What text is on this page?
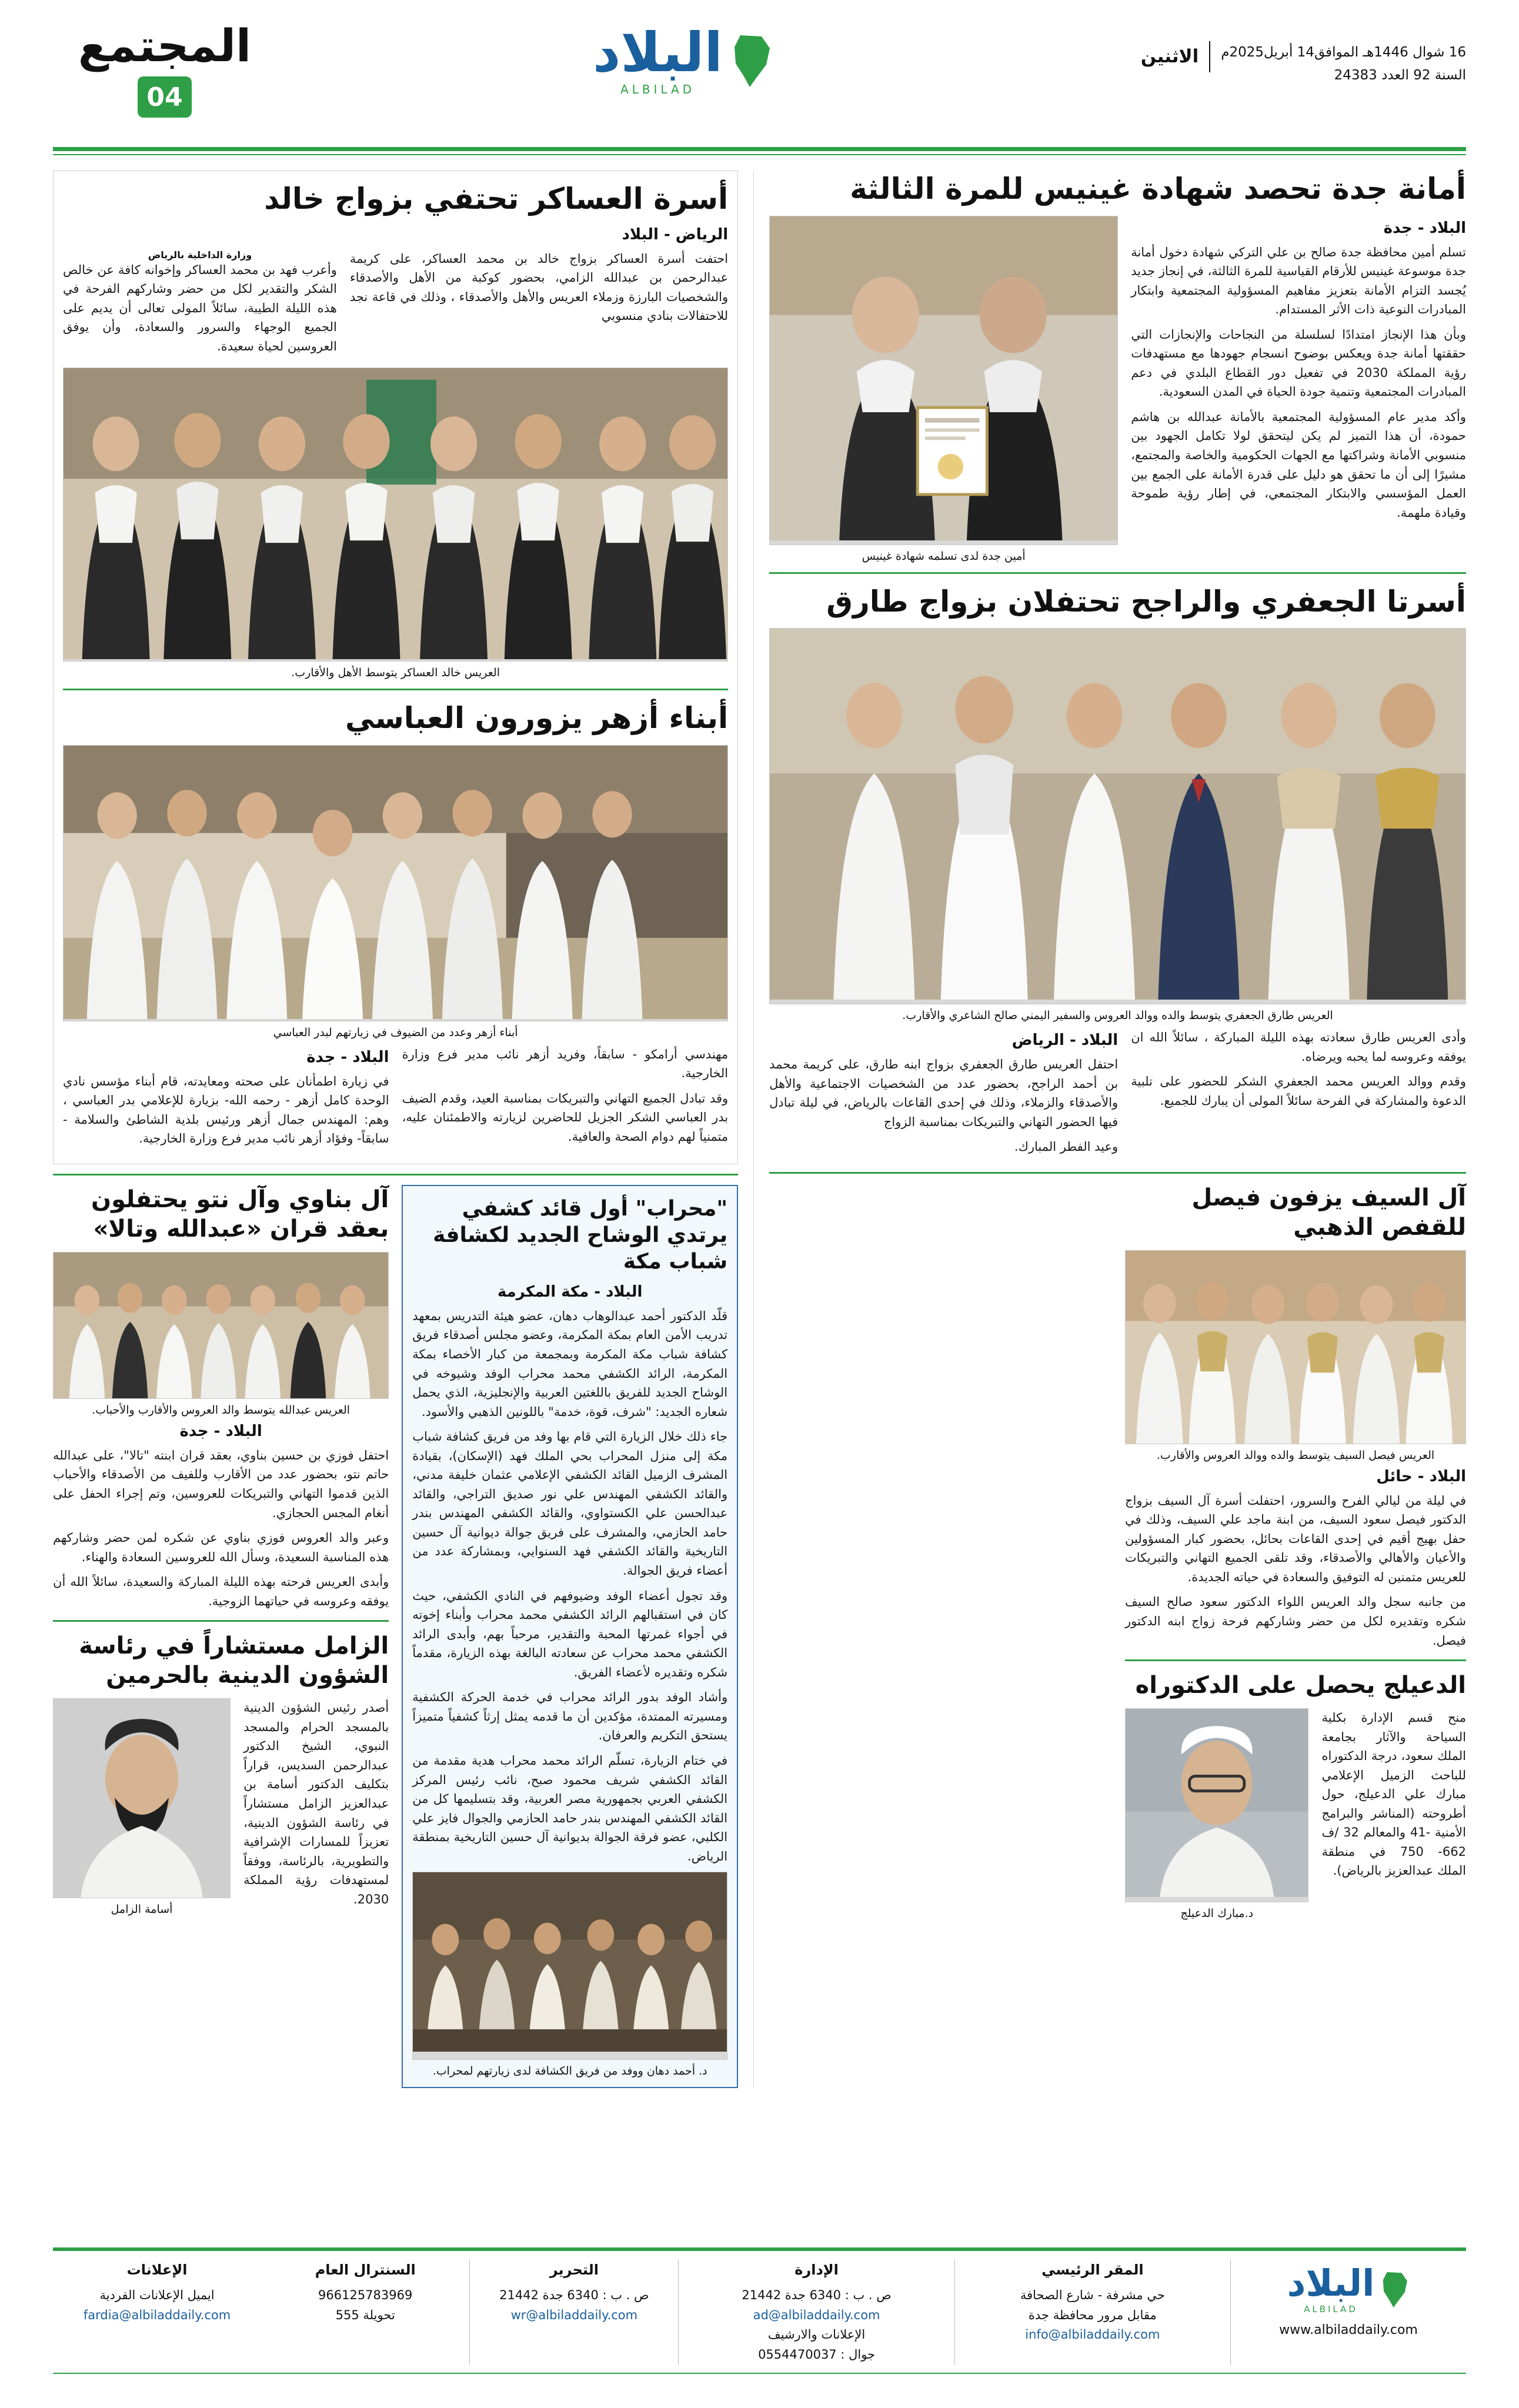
16 شوال 1446هـ الموافق14 أبريل2025م
السنة 92 العدد 24383
الاثنين
البلاد
ALBILAD
المجتمع
04
أمانة جدة تحصد شهادة غينيس للمرة الثالثة
البلاد - جدة

تسلم أمين محافظة جدة صالح بن علي التركي شهادة دخول أمانة جدة موسوعة غينيس للأرقام القياسية للمرة الثالثة، في إنجاز جديد يُجسد التزام الأمانة بتعزيز مفاهيم المسؤولية المجتمعية وابتكار المبادرات النوعية ذات الأثر المستدام.

وبأن هذا الإنجاز امتدادًا لسلسلة من النجاحات والإنجازات التي حققتها أمانة جدة ويعكس بوضوح انسجام جهودها مع مستهدفات رؤية المملكة 2030 في تفعيل دور القطاع البلدي في دعم المبادرات المجتمعية وتنمية جودة الحياة في المدن السعودية.

وأكد مدير عام المسؤولية المجتمعية بالأمانة عبدالله بن هاشم حمودة، أن هذا التميز لم يكن ليتحقق لولا تكامل الجهود بين منسوبي الأمانة وشراكتها مع الجهات الحكومية والخاصة والمجتمع، مشيرًا إلى أن ما تحقق هو دليل على قدرة الأمانة على الجمع بين العمل المؤسسي والابتكار المجتمعي، في إطار رؤية طموحة وقيادة ملهمة.

أمين جدة لدى تسلمه شهادة غينيس
أسرتا الجعفري والراجح تحتفلان بزواج طارق
العريس طارق الجعفري يتوسط والده ووالد العروس والسفير اليمني صالح الشاعري والأقارب.

وأدى العريس طارق سعادته بهذه الليلة المباركة ، سائلاً الله ان يوفقه وعروسه لما يحبه ويرضاه.

وقدم ووالد العريس محمد الجعفري الشكر للحضور على تلبية الدعوة والمشاركة في الفرحة سائلاً المولى أن يبارك للجميع.

البلاد - الرياض

احتفل العريس طارق الجعفري بزواج ابنه طارق، على كريمة محمد بن أحمد الراجح، بحضور عدد من الشخصيات الاجتماعية والأهل والأصدقاء والزملاء، وذلك في إحدى القاعات بالرياض، في ليلة تبادل فيها الحضور التهاني والتبريكات بمناسبة الزواج

وعيد الفطر المبارك.

آل السيف يزفون فيصل للقفص الذهبي
العريس فيصل السيف يتوسط والده ووالد العروس والأقارب.
البلاد - حائل

في ليلة من ليالي الفرح والسرور، احتفلت أسرة آل السيف بزواج الدكتور فيصل سعود السيف، من ابنة ماجد علي السيف، وذلك في حفل بهيج أقيم في إحدى القاعات بحائل، بحضور كبار المسؤولين والأعيان والأهالي والأصدقاء، وقد تلقى الجميع التهاني والتبريكات للعريس متمنين له التوفيق والسعادة في حياته الجديدة.

من جانبه سجل والد العريس اللواء الدكتور سعود صالح السيف شكره وتقديره لكل من حضر وشاركهم فرحة زواج ابنه الدكتور فيصل.

الدعيلج يحصل على الدكتوراه

منح قسم الإدارة بكلية السياحة والآثار بجامعة الملك سعود، درجة الدكتوراه للباحث الزميل الإعلامي مبارك علي الدعيلج، حول أطروحته (المناشر والبرامج الأمنية -41 والمعالم 32 /ف 662- 750 في منطقة الملك عبدالعزيز بالرياض).

د.مبارك الدعيلج
أسرة العساكر تحتفي بزواج خالد
الرياض - البلاد

احتفت أسرة العساكر بزواج خالد بن محمد العساكر، على كريمة عبدالرحمن بن عبدالله الزامي، بحضور كوكبة من الأهل والأصدقاء والشخصيات البارزة وزملاء العريس والأهل والأصدقاء ، وذلك في قاعة نجد للاحتفالات بنادي منسوبي

وزارة الداخلية بالرياض

وأعرب فهد بن محمد العساكر وإخوانه كافة عن خالص الشكر والتقدير لكل من حضر وشاركهم الفرحة في هذه الليلة الطيبة، سائلاً المولى تعالى أن يديم على الجميع الوجهاء والسرور والسعادة، وأن يوفق العروسين لحياة سعيدة.

العريس خالد العساكر يتوسط الأهل والأقارب.
أبناء أزهر يزورون العباسي
أبناء أزهر وعدد من الضيوف في زيارتهم لبدر العباسي

مهندسي أرامكو - سابقاً، وفريد أزهر نائب مدير فرع وزارة الخارجية.

وقد تبادل الجميع التهاني والتبريكات بمناسبة العيد، وقدم الضيف بدر العباسي الشكر الجزيل للحاضرين لزيارته والاطمئنان عليه، متمنياً لهم دوام الصحة والعافية.

البلاد - جدة

في زيارة اطمأنان على صحته ومعايدته، قام أبناء مؤسس نادي الوحدة كامل أزهر - رحمه الله- بزيارة للإعلامي بدر العباسي ، وهم: المهندس جمال أزهر ورئيس بلدية الشاطئ والسلامة - سابقاً- وفؤاد أزهر نائب مدير فرع وزارة الخارجية.

"محراب" أول قائد كشفي يرتدي الوشاح الجديد لكشافة شباب مكة
البلاد - مكة المكرمة

قلّد الدكتور أحمد عبدالوهاب دهان، عضو هيئة التدريس بمعهد تدريب الأمن العام بمكة المكرمة، وعضو مجلس أصدقاء فريق كشافة شباب مكة المكرمة وبمجمعة من كبار الأخصاء بمكة المكرمة، الرائد الكشفي محمد محراب الوفد وشيوخه في الوشاح الجديد للفريق باللغتين العربية والإنجليزية، الذي يحمل شعاره الجديد: "شرف، قوة، خدمة" باللونين الذهبي والأسود.

جاء ذلك خلال الزيارة التي قام بها وفد من فريق كشافة شباب مكة إلى منزل المحراب بحي الملك فهد (الإسكان)، بقيادة المشرف الزميل القائد الكشفي الإعلامي عثمان خليفة مدني، والقائد الكشفي المهندس علي نور صديق التراجي، والقائد عبدالحسن علي الكستواوي، والقائد الكشفي المهندس بندر حامد الحازمي، والمشرف على فريق جوالة ديوانية آل حسين التاريخية والقائد الكشفي فهد السنوايي، وبمشاركة عدد من أعضاء فريق الجوالة.

وقد تجول أعضاء الوفد وضيوفهم في النادي الكشفي، حيث كان في استقبالهم الرائد الكشفي محمد محراب وأبناء إخوته في أجواء غمرتها المحبة والتقدير، مرحباً بهم، وأبدى الرائد الكشفي محمد محراب عن سعادته البالغة بهذه الزيارة، مقدماً شكره وتقديره لأعضاء الفريق.

وأشاد الوفد بدور الرائد محراب في خدمة الحركة الكشفية ومسيرته الممتدة، مؤكدين أن ما قدمه يمثل إرثاً كشفياً متميزاً يستحق التكريم والعرفان.

في ختام الزيارة، تسلّم الرائد محمد محراب هدية مقدمة من القائد الكشفي شريف محمود صبح، نائب رئيس المركز الكشفي العربي بجمهورية مصر العربية، وقد بتسليمها كل من القائد الكشفي المهندس بندر حامد الحازمي والجوال فايز علي الكلبي، عضو فرقة الجوالة بديوانية آل حسين التاريخية بمنطقة الرياض.

د. أحمد دهان ووفد من فريق الكشافة لدى زيارتهم لمحراب.
آل بناوي وآل نتو يحتفلون بعقد قران «عبدالله وتالا»
العريس عبدالله يتوسط والد العروس والأقارب والأحباب.
البلاد - جدة

احتفل فوزي بن حسين بناوي، بعقد قران ابنته "تالا"، على عبدالله حاتم نتو، بحضور عدد من الأقارب وللفيف من الأصدقاء والأحباب الذين قدموا التهاني والتبريكات للعروسين، وتم إجراء الحفل على أنغام المجس الحجازي.

وعبر والد العروس فوزي بناوي عن شكره لمن حضر وشاركهم هذه المناسبة السعيدة، وسأل الله للعروسين السعادة والهناء.

وأبدى العريس فرحته بهذه الليلة المباركة والسعيدة، سائلاً الله أن يوفقه وعروسه في حياتهما الزوجية.

الزامل مستشاراً في رئاسة الشؤون الدينية بالحرمين

أصدر رئيس الشؤون الدينية بالمسجد الحرام والمسجد النبوي، الشيخ الدكتور عبدالرحمن السديس، قراراً بتكليف الدكتور أسامة بن عبدالعزيز الزامل مستشاراً في رئاسة الشؤون الدينية، تعزيزاً للمسارات الإشرافية والتطويرية، بالرئاسة، ووفقاً لمستهدفات رؤية المملكة 2030.

أسامة الزامل
البلاد
ALBILAD
www.albiladdaily.com
المقر الرئيسي
حي مشرفة - شارع الصحافة
مقابل مرور محافظة جدة
info@albiladdaily.com
الإدارة
ص . ب : 6340 جدة 21442
ad@albiladdaily.com
الإعلانات والارشيف
جوال : 0554470037
التحرير
ص . ب : 6340 جدة 21442
wr@albiladdaily.com
السنترال العام
966125783969
تحويلة 555
الإعلانات
ايميل الإعلانات الفردية
fardia@albiladdaily.com
